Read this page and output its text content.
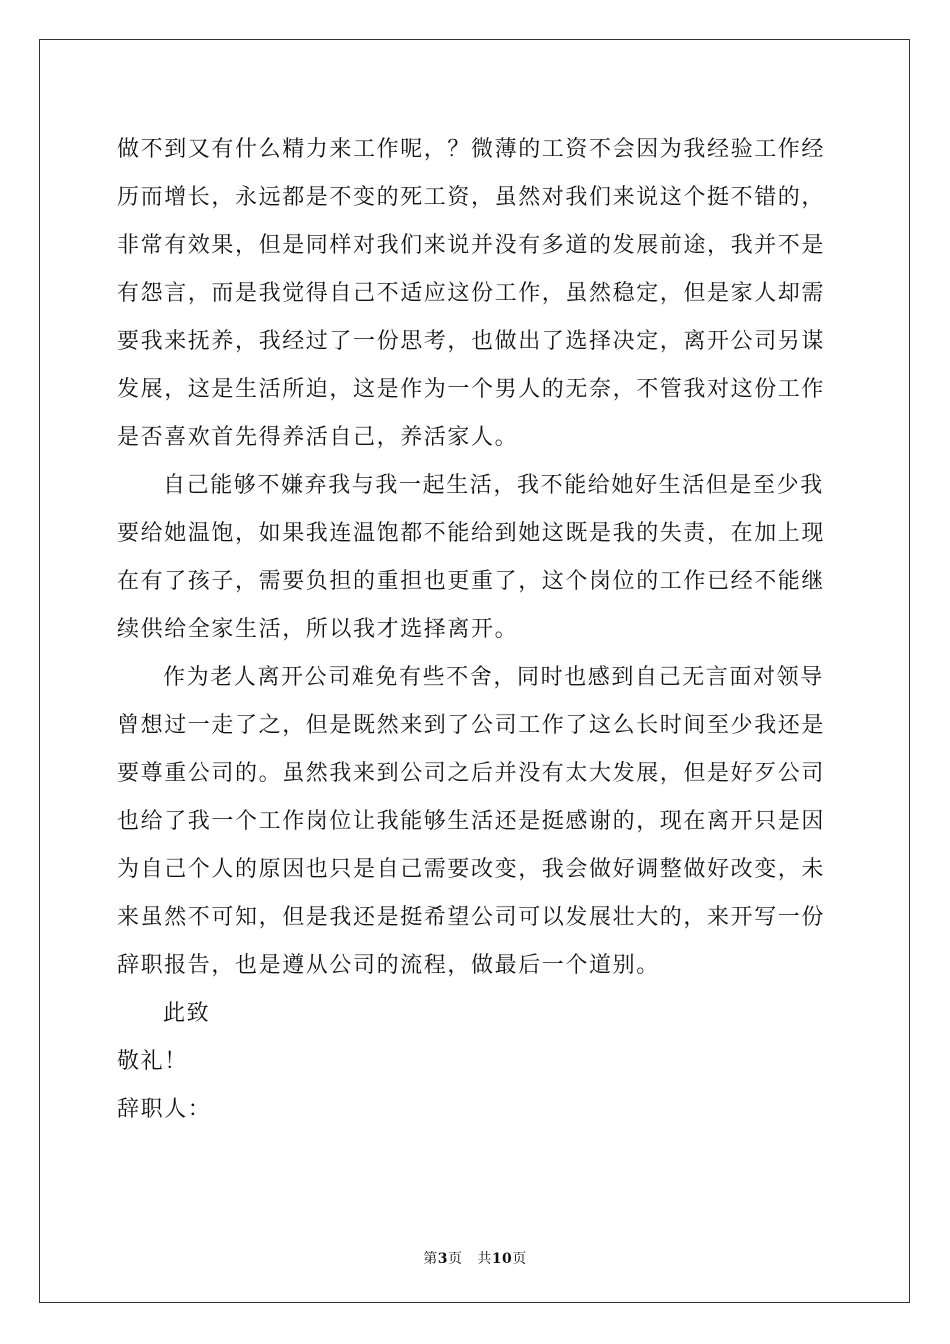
做不到又有什么精力来工作呢，？微薄的工资不会因为我经验工作经历而增长，永远都是不变的死工资，虽然对我们来说这个挺不错的，非常有效果，但是同样对我们来说并没有多道的发展前途，我并不是有怨言，而是我觉得自己不适应这份工作，虽然稳定，但是家人却需要我来抚养，我经过了一份思考，也做出了选择决定，离开公司另谋发展，这是生活所迫，这是作为一个男人的无奈，不管我对这份工作是否喜欢首先得养活自己，养活家人。

自己能够不嫌弃我与我一起生活，我不能给她好生活但是至少我要给她温饱，如果我连温饱都不能给到她这既是我的失责，在加上现在有了孩子，需要负担的重担也更重了，这个岗位的工作已经不能继续供给全家生活，所以我才选择离开。

作为老人离开公司难免有些不舍，同时也感到自己无言面对领导曾想过一走了之，但是既然来到了公司工作了这么长时间至少我还是要尊重公司的。虽然我来到公司之后并没有太大发展，但是好歹公司也给了我一个工作岗位让我能够生活还是挺感谢的，现在离开只是因为自己个人的原因也只是自己需要改变，我会做好调整做好改变，未来虽然不可知，但是我还是挺希望公司可以发展壮大的，来开写一份辞职报告，也是遵从公司的流程，做最后一个道别。

此致

敬礼！

辞职人：

第3页 共10页
